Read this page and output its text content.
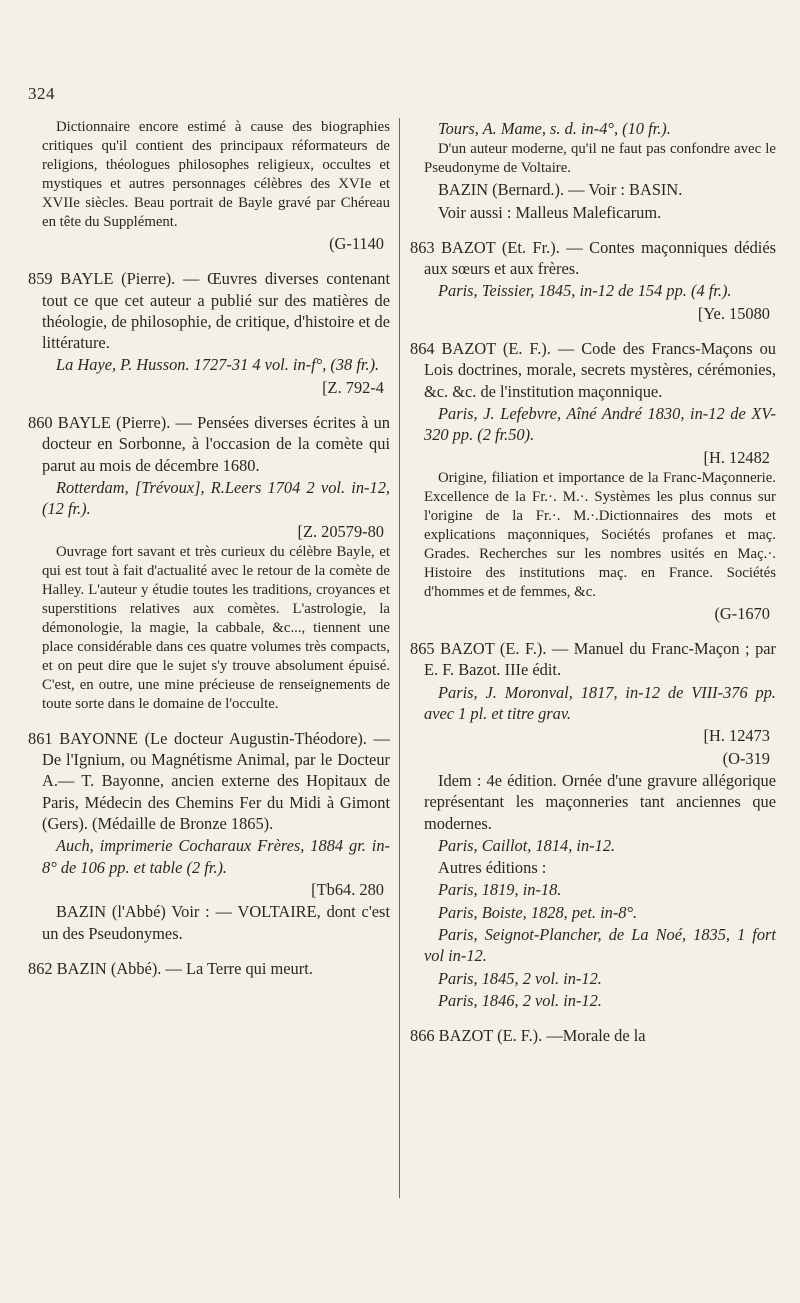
324
Dictionnaire encore estimé à cause des biographies critiques qu'il contient des principaux réformateurs de religions, théologues philosophes religieux, occultes et mystiques et autres personnages célèbres des XVIe et XVIIe siècles. Beau portrait de Bayle gravé par Chéreau en tête du Supplément.
(G-1140
859 BAYLE (Pierre). — Œuvres diverses contenant tout ce que cet auteur a publié sur des matières de théologie, de philosophie, de critique, d'histoire et de littérature.
La Haye, P. Husson. 1727-31 4 vol. in-f°, (38 fr.).
[Z. 792-4
860 BAYLE (Pierre). — Pensées diverses écrites à un docteur en Sorbonne, à l'occasion de la comète qui parut au mois de décembre 1680.
Rotterdam, [Trévoux], R.Leers 1704 2 vol. in-12, (12 fr.).
[Z. 20579-80
Ouvrage fort savant et très curieux du célèbre Bayle, et qui est tout à fait d'actualité avec le retour de la comète de Halley. L'auteur y étudie toutes les traditions, croyances et superstitions relatives aux comètes. L'astrologie, la démonologie, la magie, la cabbale, &c..., tiennent une place considérable dans ces quatre volumes très compacts, et on peut dire que le sujet s'y trouve absolument épuisé. C'est, en outre, une mine précieuse de renseignements de toute sorte dans le domaine de l'occulte.
861 BAYONNE (Le docteur Augustin-Théodore). — De l'Ignium, ou Magnétisme Animal, par le Docteur A.— T. Bayonne, ancien externe des Hopitaux de Paris, Médecin des Chemins Fer du Midi à Gimont (Gers). (Médaille de Bronze 1865).
Auch, imprimerie Cocharaux Frères, 1884 gr. in-8° de 106 pp. et table (2 fr.).
[Tb64. 280
BAZIN (l'Abbé) Voir : — VOLTAIRE, dont c'est un des Pseudonymes.
862 BAZIN (Abbé). — La Terre qui meurt.
Tours, A. Mame, s. d. in-4°, (10 fr.).
D'un auteur moderne, qu'il ne faut pas confondre avec le Pseudonyme de Voltaire.
BAZIN (Bernard.). — Voir : BASIN.
Voir aussi : Malleus Maleficarum.
863 BAZOT (Et. Fr.). — Contes maçonniques dédiés aux sœurs et aux frères.
Paris, Teissier, 1845, in-12 de 154 pp. (4 fr.).
[Ye. 15080
864 BAZOT (E. F.). — Code des Francs-Maçons ou Lois doctrines, morale, secrets mystères, cérémonies, &c. &c. de l'institution maçonnique.
Paris, J. Lefebvre, Aîné André 1830, in-12 de XV-320 pp. (2 fr.50).
[H. 12482
Origine, filiation et importance de la Franc-Maçonnerie. Excellence de la Fr.·. M.·. Systèmes les plus connus sur l'origine de la Fr.·. M.·.Dictionnaires des mots et explications maçonniques, Sociétés profanes et maç. Grades. Recherches sur les nombres usités en Maç.·. Histoire des institutions maç. en France. Sociétés d'hommes et de femmes, &c.
(G-1670
865 BAZOT (E. F.). — Manuel du Franc-Maçon ; par E. F. Bazot. IIIe édit.
Paris, J. Moronval, 1817, in-12 de VIII-376 pp. avec 1 pl. et titre grav.
[H. 12473
(O-319
Idem : 4e édition. Ornée d'une gravure allégorique représentant les maçonneries tant anciennes que modernes.
Paris, Caillot, 1814, in-12.
Autres éditions :
Paris, 1819, in-18.
Paris, Boiste, 1828, pet. in-8°.
Paris, Seignot-Plancher, de La Noé, 1835, 1 fort vol in-12.
Paris, 1845, 2 vol. in-12.
Paris, 1846, 2 vol. in-12.
866 BAZOT (E. F.). —Morale de la
